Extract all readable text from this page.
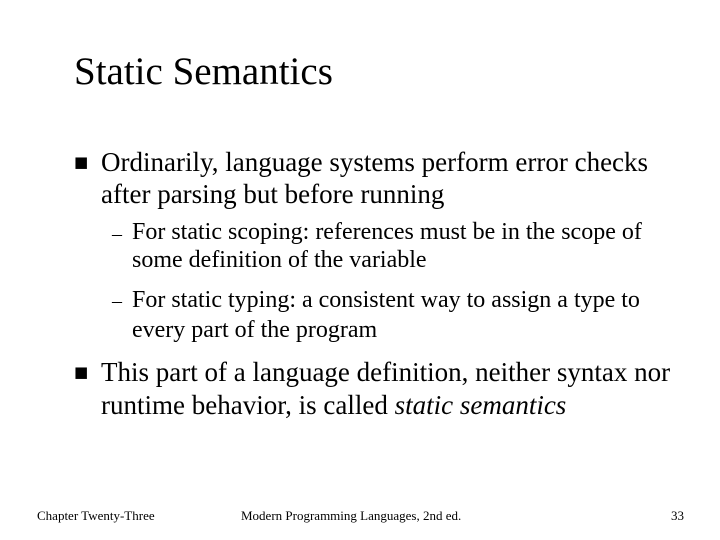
Static Semantics
■ Ordinarily, language systems perform error checks after parsing but before running
– For static scoping: references must be in the scope of some definition of the variable
– For static typing: a consistent way to assign a type to every part of the program
■ This part of a language definition, neither syntax nor runtime behavior, is called static semantics
Chapter Twenty-Three	Modern Programming Languages, 2nd ed.	33
